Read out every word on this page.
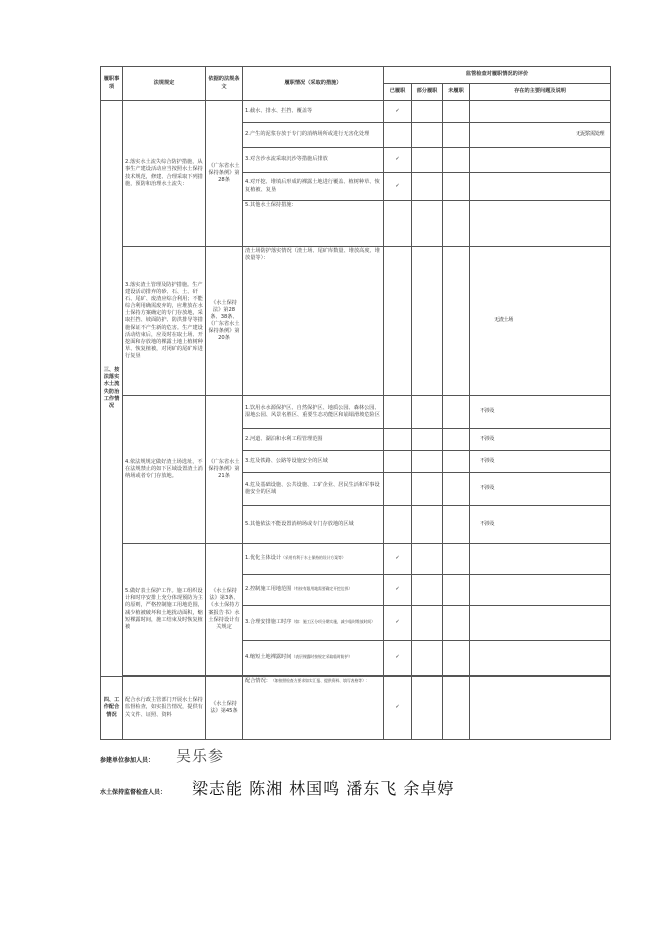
履职事项	法规规定	依据的法规条文	履职情况（采取的措施）	监管检查对履职情况的评价			
				已履职	部分履职	未履职	存在的主要问题及说明
三、按法落实水土流失防治工作情况	2.落实水土流失综合防护措施，从事生产建设活动应当按照水土保持技术规范，修建、合理采取下列措施，预防和治理水土流失：	《广东省水土保持条例》第28条	1.截水、排水、拦挡、覆盖等	✓			
			2.产生的泥浆存放于专门的消纳场所或进行无害化处理				无泥浆需处理
			3.对含沙水流采取沉沙等措施后排放	✓			
			4.对开挖、堆填后形成的裸露土地进行覆盖、植树种草、恢复植被、复垦	✓			
			5.其他水土保持措施：				
	3.落实渣土管理及防护措施。生产建设活动排弃的砂、石、土、矸石、尾矿、废渣应综合利用；不能综合利用确需废弃的，应堆放在水土保持方案确定的专门存放地，采取拦挡、坡面防护、防洪排导等措施保证不产生新的危害。生产建设活动结束后，应及时在取土场、开挖面和存放地的裸露土地上植树种草、恢复植被，对闭矿的尾矿库进行复垦	《水土保持法》第28条、38条、《广东省水土保持条例》第20条	渣土场防护落实情况（渣土场、尾矿库数量、堆放高度、堆放量等）：				无渣土场
	4.依法规规定做好渣土场选址，不在法规禁止的如下区域设置渣土消纳场或者专门存放地。	《广东省水土保持条例》第21条	1.饮用水水源保护区、自然保护区、地质公园、森林公园、湿地公园、风景名胜区、重要生态功能区和崩塌滑坡危险区				不涉及
			2.河道、湖泊和水利工程管理范围				不涉及
			3.危及铁路、公路等设施安全的区域				不涉及
			4.危及基础设施、公共设施、工矿企业、居民生活和军事设施安全的区域				不涉及
			5.其他依法不能设置消纳场或专门存放地的区域				不涉及
	5.做好表土保护工作。施工组织设计和时序安排上充分体现预防为主的原则，严格控制施工用地范围，减少植被破坏和土地扰动面积，缩短裸露时间，施工结束及时恢复植被	《水土保持法》第3条、《水土保持方案报告书》水土保持设计有关规定	1.优化主体设计（采用有利于水土保持的设计方案等）	✓			
			2.控制施工用地范围（有按有限用地需要确定开挖边界）	✓			
			3.合理安排施工时序（如：施工区分项分期实施，减少临时堆放时间）	✓			
			4.缩短土地裸露时间（表层裸露时按规定采取临时防护）	✓			

四、工作配合情况	配合水行政主管部门开展水土保持监督检查，如实报告情况，提供有关文件、证照、资料	《水土保持法》第45条	配合情况：（如按照检查方要求如实汇报、提供资料、填写表格等）：	✓			
参建单位参加人员： 吴乐参
水土保持监督检查人员： 梁志能 陈湘 林国鸣 潘东飞 余卓婷
